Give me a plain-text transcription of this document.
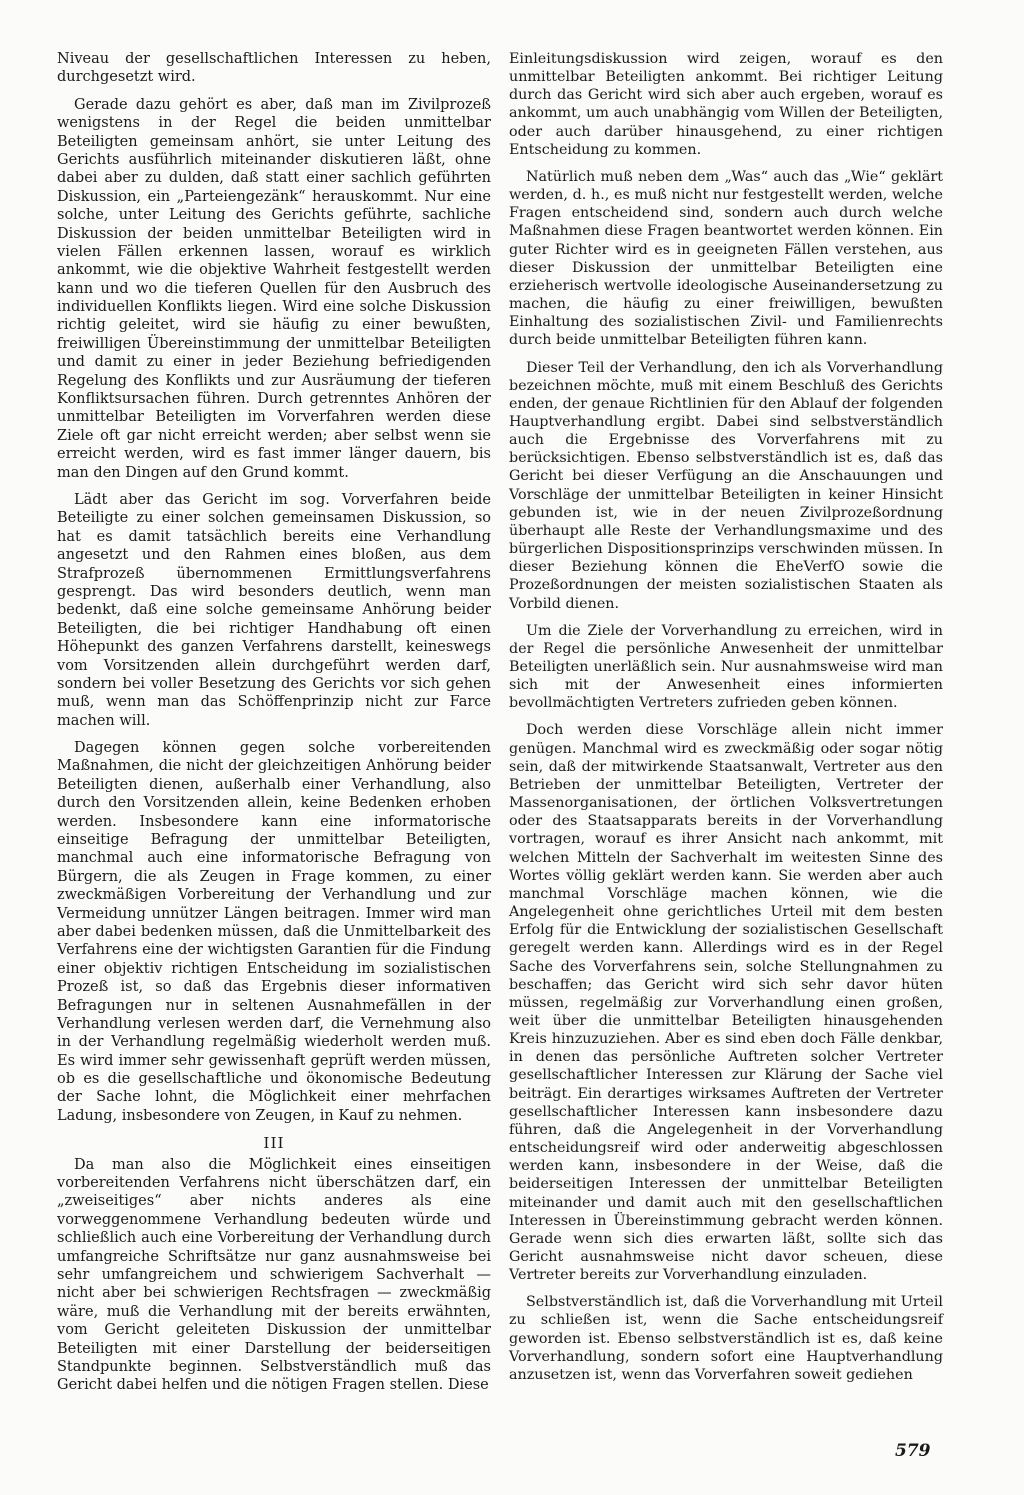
Niveau der gesellschaftlichen Interessen zu heben, durchgesetzt wird.

Gerade dazu gehört es aber, daß man im Zivilprozeß wenigstens in der Regel die beiden unmittelbar Beteiligten gemeinsam anhört, sie unter Leitung des Gerichts ausführlich miteinander diskutieren läßt, ohne dabei aber zu dulden, daß statt einer sachlich geführten Diskussion, ein „Parteiengezänk“ herauskommt. Nur eine solche, unter Leitung des Gerichts geführte, sachliche Diskussion der beiden unmittelbar Beteiligten wird in vielen Fällen erkennen lassen, worauf es wirklich ankommt, wie die objektive Wahrheit festgestellt werden kann und wo die tieferen Quellen für den Ausbruch des individuellen Konflikts liegen. Wird eine solche Diskussion richtig geleitet, wird sie häufig zu einer bewußten, freiwilligen Übereinstimmung der unmittelbar Beteiligten und damit zu einer in jeder Beziehung befriedigenden Regelung des Konflikts und zur Ausräumung der tieferen Konfliktsursachen führen. Durch getrenntes Anhören der unmittelbar Beteiligten im Vorverfahren werden diese Ziele oft gar nicht erreicht werden; aber selbst wenn sie erreicht werden, wird es fast immer länger dauern, bis man den Dingen auf den Grund kommt.

Lädt aber das Gericht im sog. Vorverfahren beide Beteiligte zu einer solchen gemeinsamen Diskussion, so hat es damit tatsächlich bereits eine Verhandlung angesetzt und den Rahmen eines bloßen, aus dem Strafprozeß übernommenen Ermittlungsverfahrens gesprengt. Das wird besonders deutlich, wenn man bedenkt, daß eine solche gemeinsame Anhörung beider Beteiligten, die bei richtiger Handhabung oft einen Höhepunkt des ganzen Verfahrens darstellt, keineswegs vom Vorsitzenden allein durchgeführt werden darf, sondern bei voller Besetzung des Gerichts vor sich gehen muß, wenn man das Schöffenprinzip nicht zur Farce machen will.

Dagegen können gegen solche vorbereitenden Maßnahmen, die nicht der gleichzeitigen Anhörung beider Beteiligten dienen, außerhalb einer Verhandlung, also durch den Vorsitzenden allein, keine Bedenken erhoben werden. Insbesondere kann eine informatorische einseitige Befragung der unmittelbar Beteiligten, manchmal auch eine informatorische Befragung von Bürgern, die als Zeugen in Frage kommen, zu einer zweckmäßigen Vorbereitung der Verhandlung und zur Vermeidung unnützer Längen beitragen. Immer wird man aber dabei bedenken müssen, daß die Unmittelbarkeit des Verfahrens eine der wichtigsten Garantien für die Findung einer objektiv richtigen Entscheidung im sozialistischen Prozeß ist, so daß das Ergebnis dieser informativen Befragungen nur in seltenen Ausnahmefällen in der Verhandlung verlesen werden darf, die Vernehmung also in der Verhandlung regelmäßig wiederholt werden muß. Es wird immer sehr gewissenhaft geprüft werden müssen, ob es die gesellschaftliche und ökonomische Bedeutung der Sache lohnt, die Möglichkeit einer mehrfachen Ladung, insbesondere von Zeugen, in Kauf zu nehmen.

III

Da man also die Möglichkeit eines einseitigen vorbereitenden Verfahrens nicht überschätzen darf, ein „zweiseitiges“ aber nichts anderes als eine vorweggenommene Verhandlung bedeuten würde und schließlich auch eine Vorbereitung der Verhandlung durch umfangreiche Schriftsätze nur ganz ausnahmsweise bei sehr umfangreichem und schwierigem Sachverhalt — nicht aber bei schwierigen Rechtsfragen — zweckmäßig wäre, muß die Verhandlung mit der bereits erwähnten, vom Gericht geleiteten Diskussion der unmittelbar Beteiligten mit einer Darstellung der beiderseitigen Standpunkte beginnen. Selbstverständlich muß das Gericht dabei helfen und die nötigen Fragen stellen. Diese

Einleitungsdiskussion wird zeigen, worauf es den unmittelbar Beteiligten ankommt. Bei richtiger Leitung durch das Gericht wird sich aber auch ergeben, worauf es ankommt, um auch unabhängig vom Willen der Beteiligten, oder auch darüber hinausgehend, zu einer richtigen Entscheidung zu kommen.

Natürlich muß neben dem „Was“ auch das „Wie“ geklärt werden, d. h., es muß nicht nur festgestellt werden, welche Fragen entscheidend sind, sondern auch durch welche Maßnahmen diese Fragen beantwortet werden können. Ein guter Richter wird es in geeigneten Fällen verstehen, aus dieser Diskussion der unmittelbar Beteiligten eine erzieherisch wertvolle ideologische Auseinandersetzung zu machen, die häufig zu einer freiwilligen, bewußten Einhaltung des sozialistischen Zivil- und Familienrechts durch beide unmittelbar Beteiligten führen kann.

Dieser Teil der Verhandlung, den ich als Vorverhandlung bezeichnen möchte, muß mit einem Beschluß des Gerichts enden, der genaue Richtlinien für den Ablauf der folgenden Hauptverhandlung ergibt. Dabei sind selbstverständlich auch die Ergebnisse des Vorverfahrens mit zu berücksichtigen. Ebenso selbstverständlich ist es, daß das Gericht bei dieser Verfügung an die Anschauungen und Vorschläge der unmittelbar Beteiligten in keiner Hinsicht gebunden ist, wie in der neuen Zivilprozeßordnung überhaupt alle Reste der Verhandlungsmaxime und des bürgerlichen Dispositionsprinzips verschwinden müssen. In dieser Beziehung können die EheVerfO sowie die Prozeßordnungen der meisten sozialistischen Staaten als Vorbild dienen.

Um die Ziele der Vorverhandlung zu erreichen, wird in der Regel die persönliche Anwesenheit der unmittelbar Beteiligten unerläßlich sein. Nur ausnahmsweise wird man sich mit der Anwesenheit eines informierten bevollmächtigten Vertreters zufrieden geben können.

Doch werden diese Vorschläge allein nicht immer genügen. Manchmal wird es zweckmäßig oder sogar nötig sein, daß der mitwirkende Staatsanwalt, Vertreter aus den Betrieben der unmittelbar Beteiligten, Vertreter der Massenorganisationen, der örtlichen Volksvertretungen oder des Staatsapparats bereits in der Vorverhandlung vortragen, worauf es ihrer Ansicht nach ankommt, mit welchen Mitteln der Sachverhalt im weitesten Sinne des Wortes völlig geklärt werden kann. Sie werden aber auch manchmal Vorschläge machen können, wie die Angelegenheit ohne gerichtliches Urteil mit dem besten Erfolg für die Entwicklung der sozialistischen Gesellschaft geregelt werden kann. Allerdings wird es in der Regel Sache des Vorverfahrens sein, solche Stellungnahmen zu beschaffen; das Gericht wird sich sehr davor hüten müssen, regelmäßig zur Vorverhandlung einen großen, weit über die unmittelbar Beteiligten hinausgehenden Kreis hinzuzuziehen. Aber es sind eben doch Fälle denkbar, in denen das persönliche Auftreten solcher Vertreter gesellschaftlicher Interessen zur Klärung der Sache viel beiträgt. Ein derartiges wirksames Auftreten der Vertreter gesellschaftlicher Interessen kann insbesondere dazu führen, daß die Angelegenheit in der Vorverhandlung entscheidungsreif wird oder anderweitig abgeschlossen werden kann, insbesondere in der Weise, daß die beiderseitigen Interessen der unmittelbar Beteiligten miteinander und damit auch mit den gesellschaftlichen Interessen in Übereinstimmung gebracht werden können. Gerade wenn sich dies erwarten läßt, sollte sich das Gericht ausnahmsweise nicht davor scheuen, diese Vertreter bereits zur Vorverhandlung einzuladen.

Selbstverständlich ist, daß die Vorverhandlung mit Urteil zu schließen ist, wenn die Sache entscheidungsreif geworden ist. Ebenso selbstverständlich ist es, daß keine Vorverhandlung, sondern sofort eine Hauptverhandlung anzusetzen ist, wenn das Vorverfahren soweit gediehen

579
